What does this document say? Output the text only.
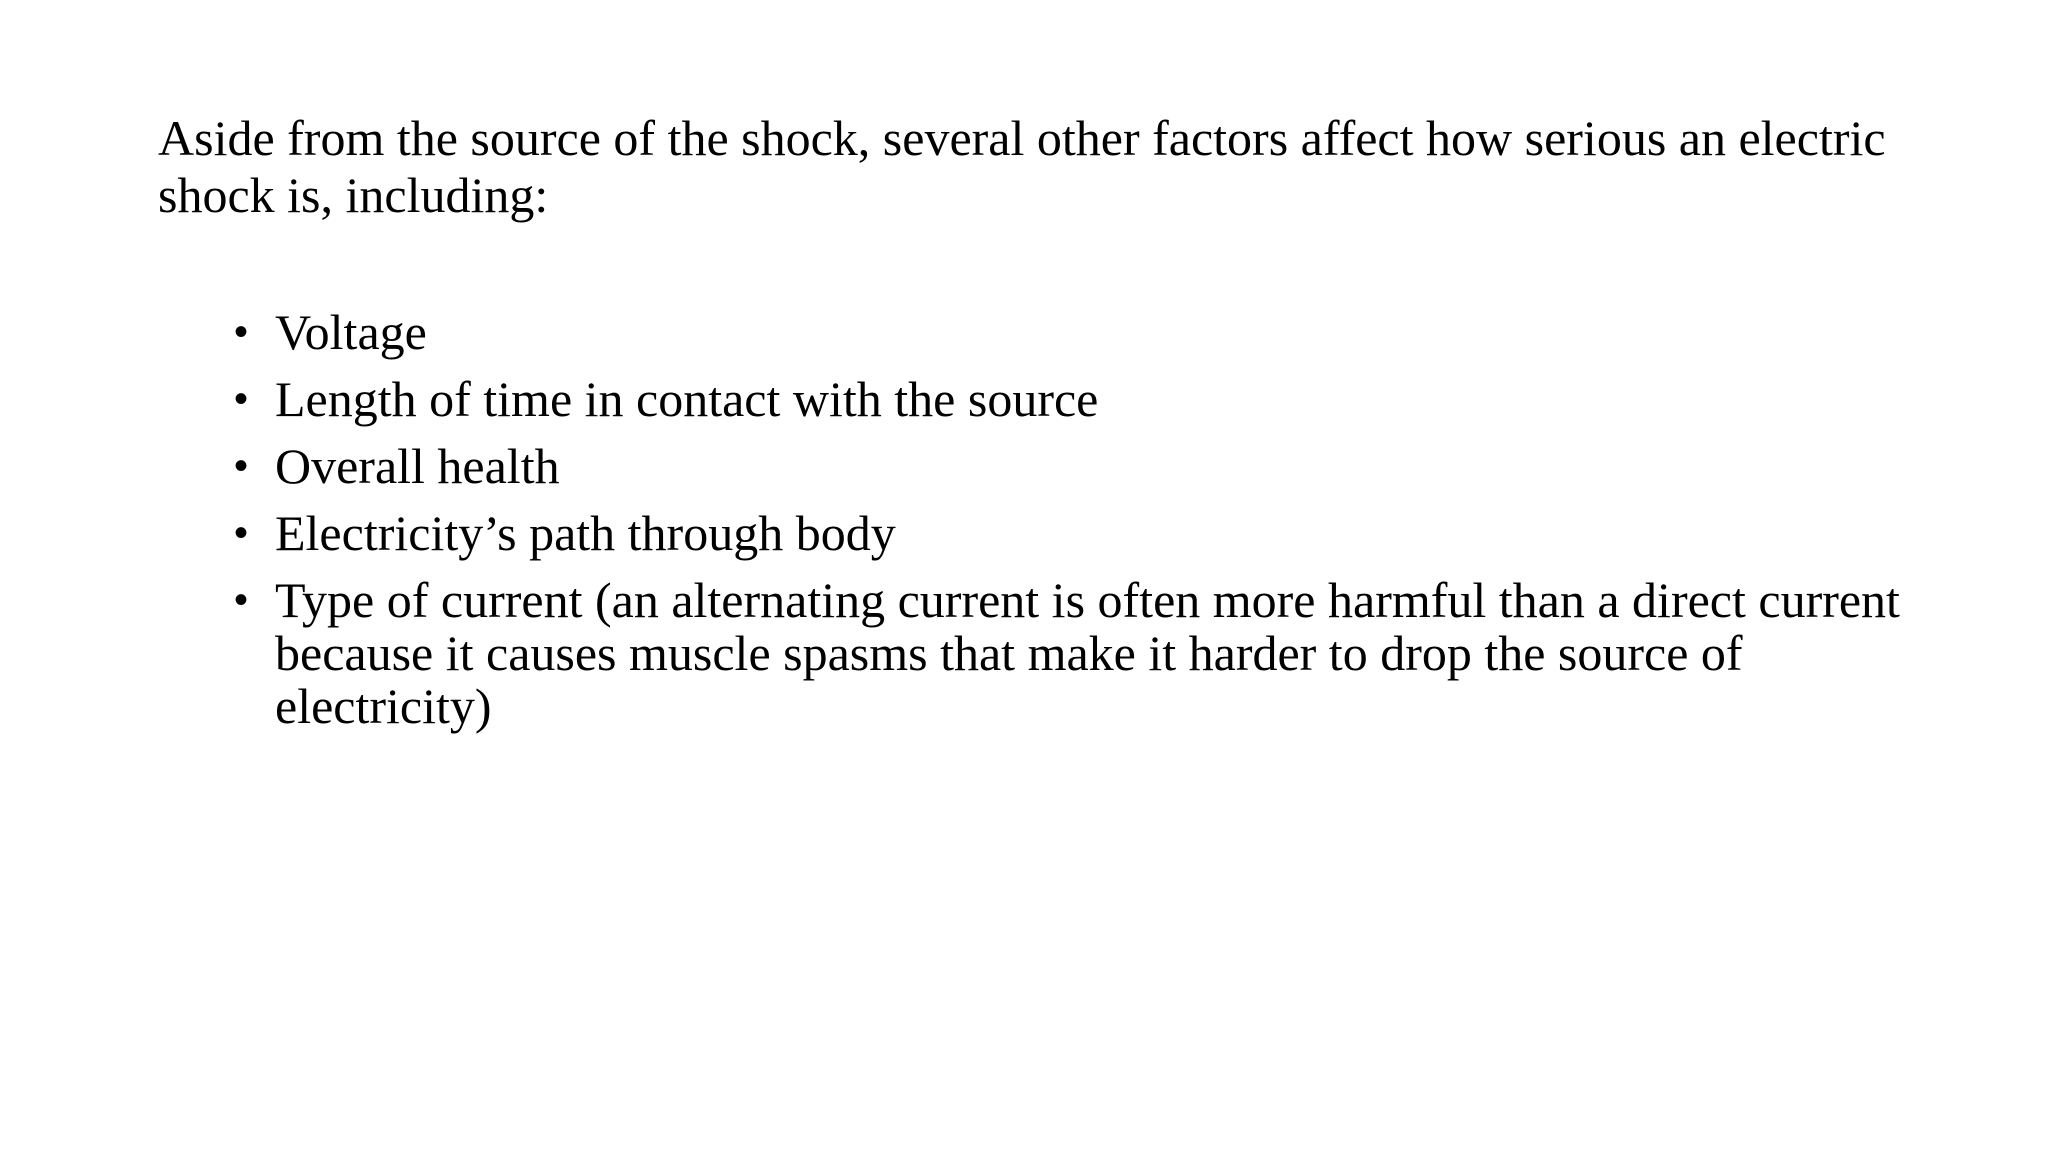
Aside from the source of the shock, several other factors affect how serious an electric shock is, including:

• Voltage
• Length of time in contact with the source
• Overall health
• Electricity’s path through body
• Type of current (an alternating current is often more harmful than a direct current because it causes muscle spasms that make it harder to drop the source of electricity)
